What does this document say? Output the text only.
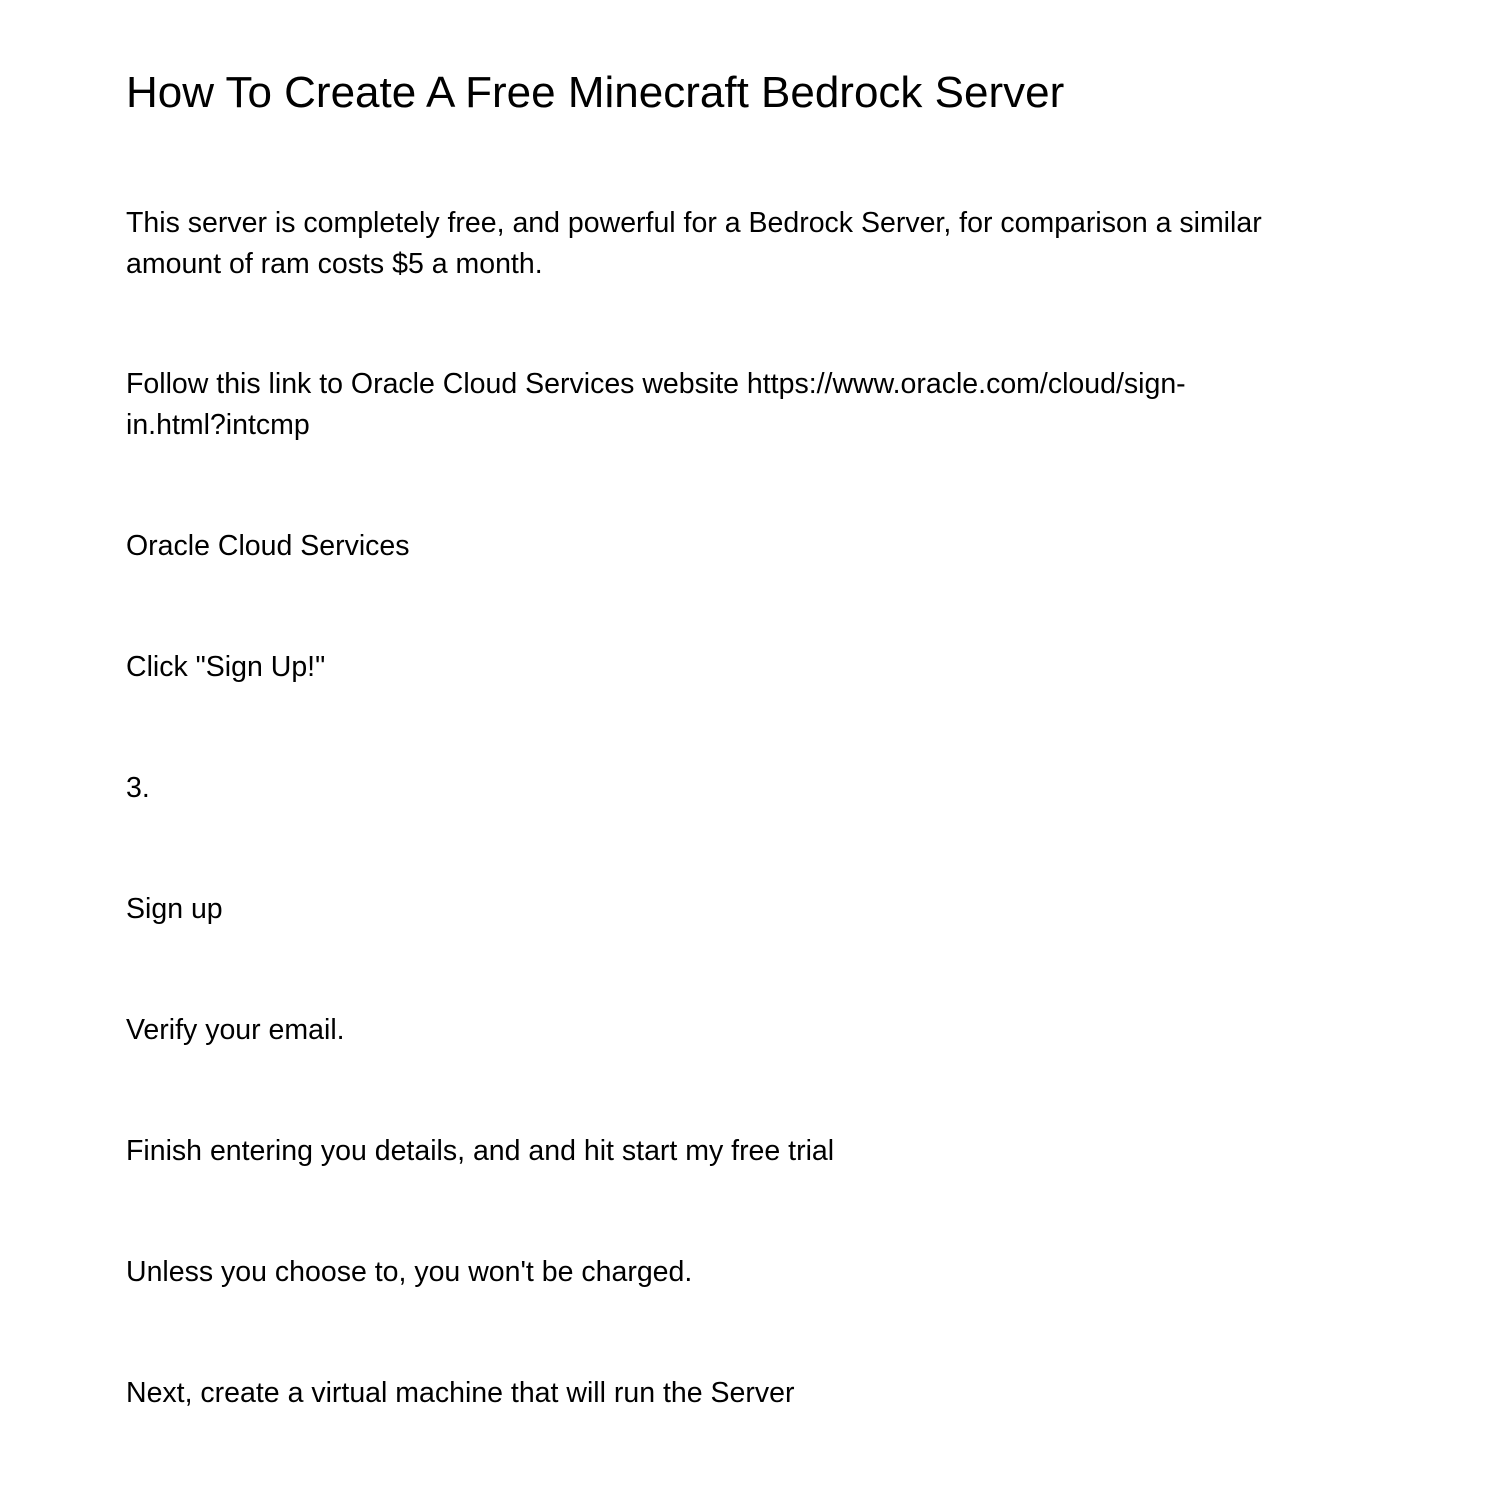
How To Create A Free Minecraft Bedrock Server

This server is completely free, and powerful for a Bedrock Server, for comparison a similar
amount of ram costs $5 a month.

Follow this link to Oracle Cloud Services website https://www.oracle.com/cloud/sign-
in.html?intcmp

Oracle Cloud Services

Click "Sign Up!"

3.

Sign up

Verify your email.

Finish entering you details, and and hit start my free trial

Unless you choose to, you won't be charged.

Next, create a virtual machine that will run the Server
